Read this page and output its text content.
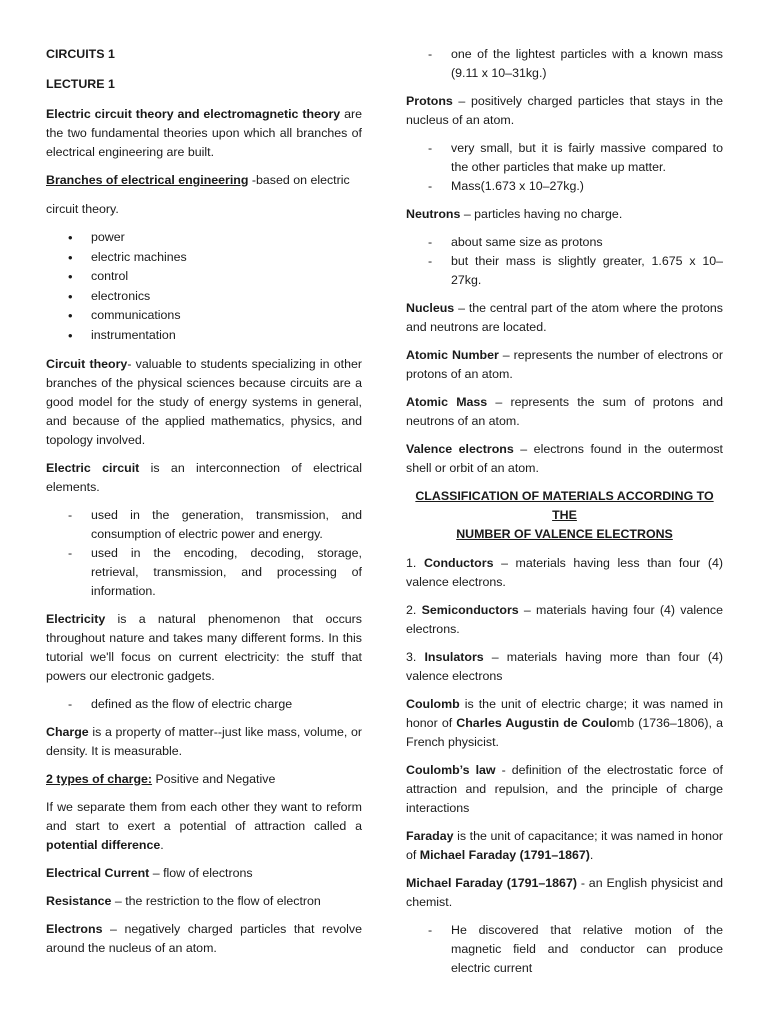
CIRCUITS 1

LECTURE 1

Electric circuit theory and electromagnetic theory are the two fundamental theories upon which all branches of electrical engineering are built.

Branches of electrical engineering -based on electric

circuit theory.

• power
• electric machines
• control
• electronics
• communications
• instrumentation

Circuit theory- valuable to students specializing in other branches of the physical sciences because circuits are a good model for the study of energy systems in general, and because of the applied mathematics, physics, and topology involved.

Electric circuit is an interconnection of electrical elements.

- used in the generation, transmission, and consumption of electric power and energy.
- used in the encoding, decoding, storage, retrieval, transmission, and processing of information.

Electricity is a natural phenomenon that occurs throughout nature and takes many different forms. In this tutorial we'll focus on current electricity: the stuff that powers our electronic gadgets.

- defined as the flow of electric charge

Charge is a property of matter--just like mass, volume, or density. It is measurable.

2 types of charge: Positive and Negative

If we separate them from each other they want to reform and start to exert a potential of attraction called a potential difference.

Electrical Current – flow of electrons

Resistance – the restriction to the flow of electron

Electrons – negatively charged particles that revolve around the nucleus of an atom.

- one of the lightest particles with a known mass (9.11 x 10–31kg.)

Protons – positively charged particles that stays in the nucleus of an atom.

- very small, but it is fairly massive compared to the other particles that make up matter.
- Mass(1.673 x 10–27kg.)

Neutrons – particles having no charge.

- about same size as protons
- but their mass is slightly greater, 1.675 x 10–27kg.

Nucleus – the central part of the atom where the protons and neutrons are located.

Atomic Number – represents the number of electrons or protons of an atom.

Atomic Mass – represents the sum of protons and neutrons of an atom.

Valence electrons – electrons found in the outermost shell or orbit of an atom.

CLASSIFICATION OF MATERIALS ACCORDING TO THE
NUMBER OF VALENCE ELECTRONS

1. Conductors – materials having less than four (4) valence electrons.

2. Semiconductors – materials having four (4) valence electrons.

3. Insulators – materials having more than four (4) valence electrons

Coulomb is the unit of electric charge; it was named in honor of Charles Augustin de Coulomb (1736–1806), a French physicist.

Coulomb’s law - definition of the electrostatic force of attraction and repulsion, and the principle of charge interactions

Faraday is the unit of capacitance; it was named in honor of Michael Faraday (1791–1867).

Michael Faraday (1791–1867) - an English physicist and chemist.

- He discovered that relative motion of the magnetic field and conductor can produce electric current
